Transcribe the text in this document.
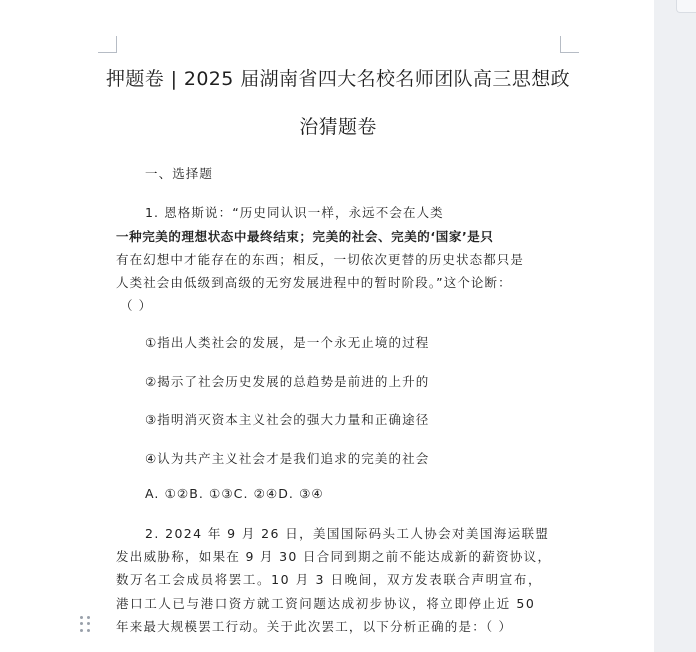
押题卷 | 2025 届湖南省四大名校名师团队高三思想政
治猜题卷
一、选择题
1. 恩格斯说：“历史同认识一样，永远不会在人类
一种完美的理想状态中最终结束；完美的社会、完美的‘国家’是只
有在幻想中才能存在的东西；相反，一切依次更替的历史状态都只是
人类社会由低级到高级的无穷发展进程中的暂时阶段。”这个论断：
（ ）
①指出人类社会的发展，是一个永无止境的过程
②揭示了社会历史发展的总趋势是前进的上升的
③指明消灭资本主义社会的强大力量和正确途径
④认为共产主义社会才是我们追求的完美的社会
A. ①②B. ①③C. ②④D. ③④
2. 2024 年 9 月 26 日，美国国际码头工人协会对美国海运联盟
发出威胁称，如果在 9 月 30 日合同到期之前不能达成新的薪资协议，
数万名工会成员将罢工。10 月 3 日晚间，双方发表联合声明宣布，
港口工人已与港口资方就工资问题达成初步协议，将立即停止近 50
年来最大规模罢工行动。关于此次罢工，以下分析正确的是：（ ）
